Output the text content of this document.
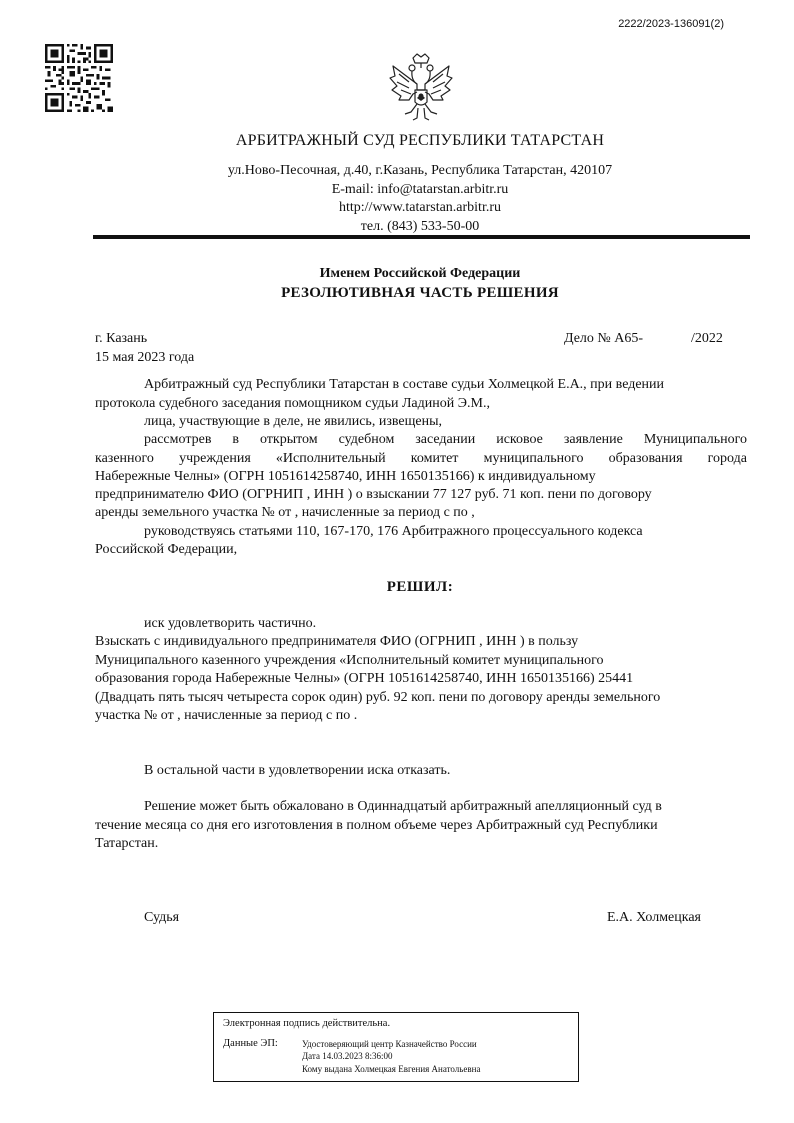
2222/2023-136091(2)
АРБИТРАЖНЫЙ СУД РЕСПУБЛИКИ ТАТАРСТАН
ул.Ново-Песочная, д.40, г.Казань, Республика Татарстан, 420107
E-mail: info@tatarstan.arbitr.ru
http://www.tatarstan.arbitr.ru
тел. (843) 533-50-00
Именем Российской Федерации
РЕЗОЛЮТИВНАЯ ЧАСТЬ РЕШЕНИЯ
г. Казань	Дело № А65-	/2022
15 мая 2023 года
Арбитражный суд Республики Татарстан в составе судьи Холмецкой Е.А., при ведении
протокола судебного заседания помощником судьи Ладиной Э.М.,
лица, участвующие в деле, не явились, извещены,
рассмотрев в открытом судебном заседании исковое заявление Муниципального
казенного учреждения «Исполнительный комитет муниципального образования города
Набережные Челны» (ОГРН 1051614258740, ИНН 1650135166) к индивидуальному
предпринимателю ФИО (ОГРНИП , ИНН ) о взыскании 77 127 руб. 71 коп. пени по договору
аренды земельного участка № от , начисленные за период с по ,
руководствуясь статьями 110, 167-170, 176 Арбитражного процессуального кодекса
Российской Федерации,
РЕШИЛ:
иск удовлетворить частично.
Взыскать с индивидуального предпринимателя ФИО (ОГРНИП , ИНН ) в пользу
Муниципального казенного учреждения «Исполнительный комитет муниципального
образования города Набережные Челны» (ОГРН 1051614258740, ИНН 1650135166) 25441
(Двадцать пять тысяч четыреста сорок один) руб. 92 коп. пени по договору аренды земельного
участка № от , начисленные за период с по .
В остальной части в удовлетворении иска отказать.
Решение может быть обжаловано в Одиннадцатый арбитражный апелляционный суд в
течение месяца со дня его изготовления в полном объеме через Арбитражный суд Республики
Татарстан.
Судья	Е.А. Холмецкая
Электронная подпись действительна.
Данные ЭП:	Удостоверяющий центр Казначейство России
Дата 14.03.2023 8:36:00
Кому выдана Холмецкая Евгения Анатольевна
